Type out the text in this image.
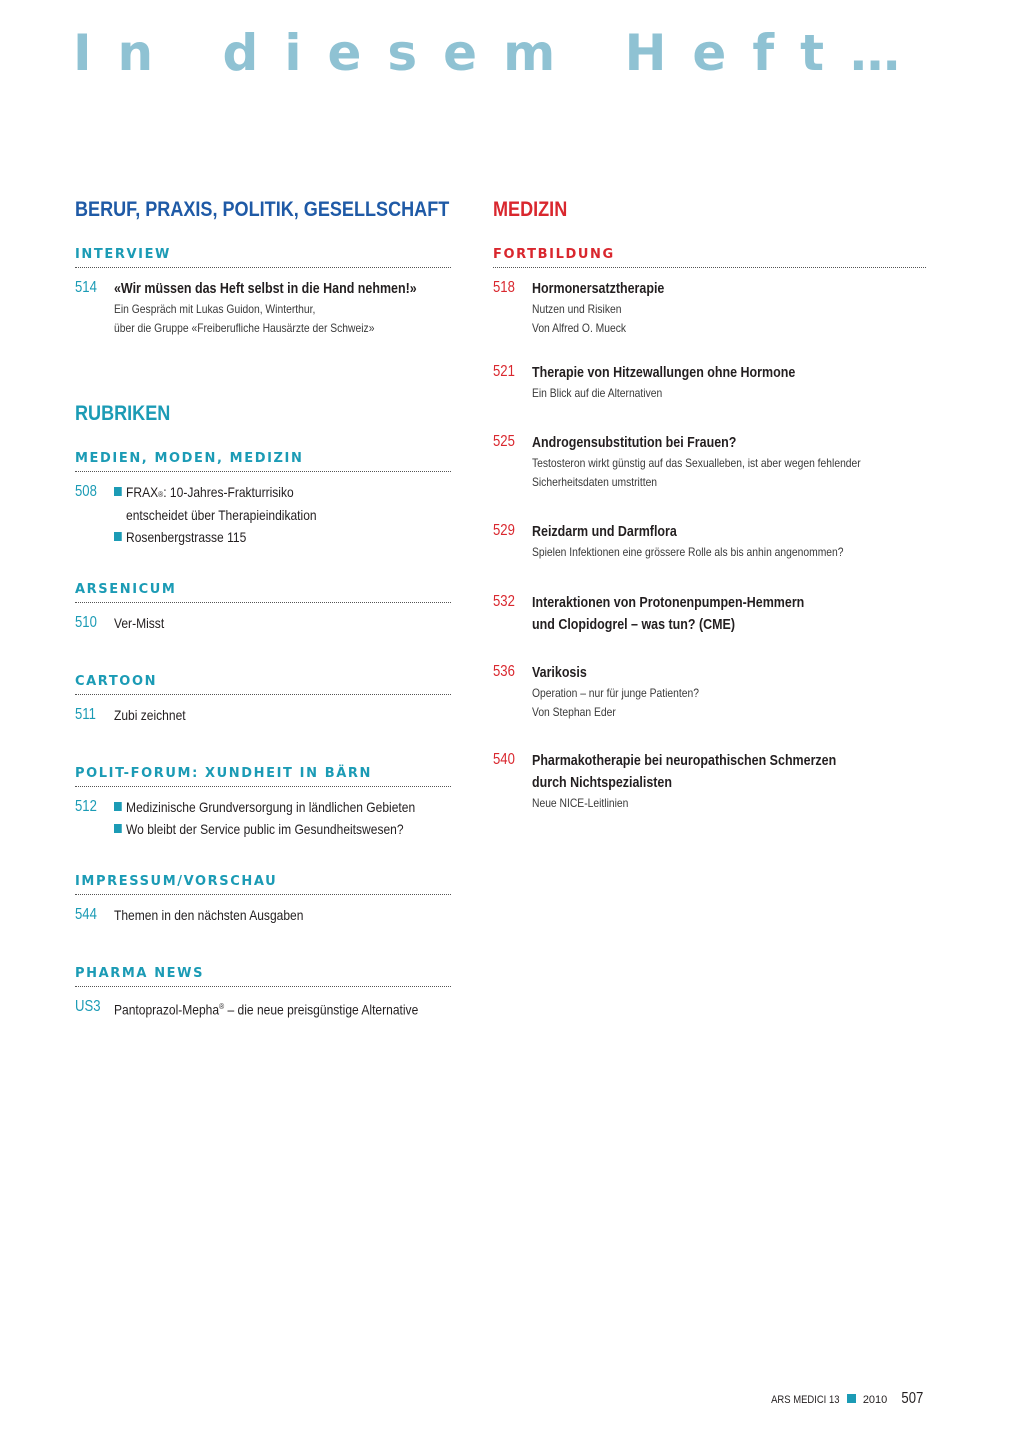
In diesem Heft…
BERUF, PRAXIS, POLITIK, GESELLSCHAFT
INTERVIEW
514	«Wir müssen das Heft selbst in die Hand nehmen!»
Ein Gespräch mit Lukas Guidon, Winterthur,
über die Gruppe «Freiberufliche Hausärzte der Schweiz»
RUBRIKEN
MEDIEN, MODEN, MEDIZIN
508	$FRAX_®$ : 10-Jahres-Frakturrisiko
entscheidet über Therapieindikation
Rosenbergstrasse 115
ARSENICUM
510	Ver-Misst
CARTOON
511	Zubi zeichnet
POLIT-FORUM: XUNDHEIT IN BÄRN
512	Medizinische Grundversorgung in ländlichen Gebieten
Wo bleibt der Service public im Gesundheitswesen?
IMPRESSUM/VORSCHAU
544	Themen in den nächsten Ausgaben
PHARMA NEWS
US3 Pantoprazol-Mepha® – die neue preisgünstige Alternative
MEDIZIN
FORTBILDUNG
518	Hormonersatztherapie
Nutzen und Risiken
Von Alfred O. Mueck
521	Therapie von Hitzewallungen ohne Hormone
Ein Blick auf die Alternativen
525	Androgensubstitution bei Frauen?
Testosteron wirkt günstig auf das Sexualleben, ist aber wegen fehlender
Sicherheitsdaten umstritten
529	Reizdarm und Darmflora
Spielen Infektionen eine grössere Rolle als bis anhin angenommen?
532	Interaktionen von Protonenpumpen-Hemmern
und Clopidogrel – was tun? (CME)
536	Varikosis
Operation – nur für junge Patienten?
Von Stephan Eder
540	Pharmakotherapie bei neuropathischen Schmerzen
durch Nichtspezialisten
Neue NICE-Leitlinien
ARS MEDICI 13 2010 507
